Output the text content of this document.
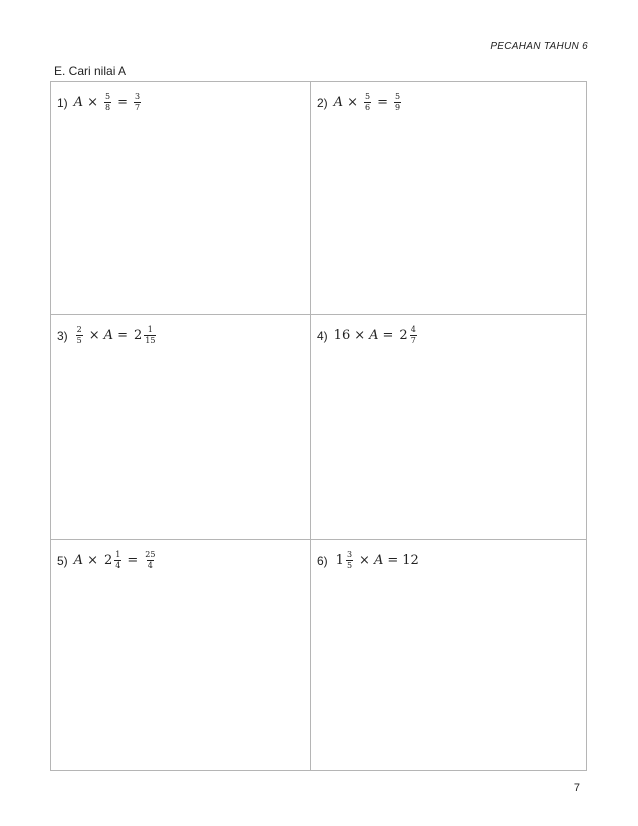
PECAHAN TAHUN 6
E. Cari nilai A
1) $A \times \frac{5}{8} = \frac{3}{7}$	2) $A \times \frac{5}{6} = \frac{5}{9}$
$3) \frac{2}{5} \times A = 2 \frac{1}{15}$	4) $16 \times A = 2 \frac{4}{7}$
5) $A \times 2 \frac{1}{4} = \frac{25}{4}$	6) $1 \frac{3}{5} \times A = 12$
7
